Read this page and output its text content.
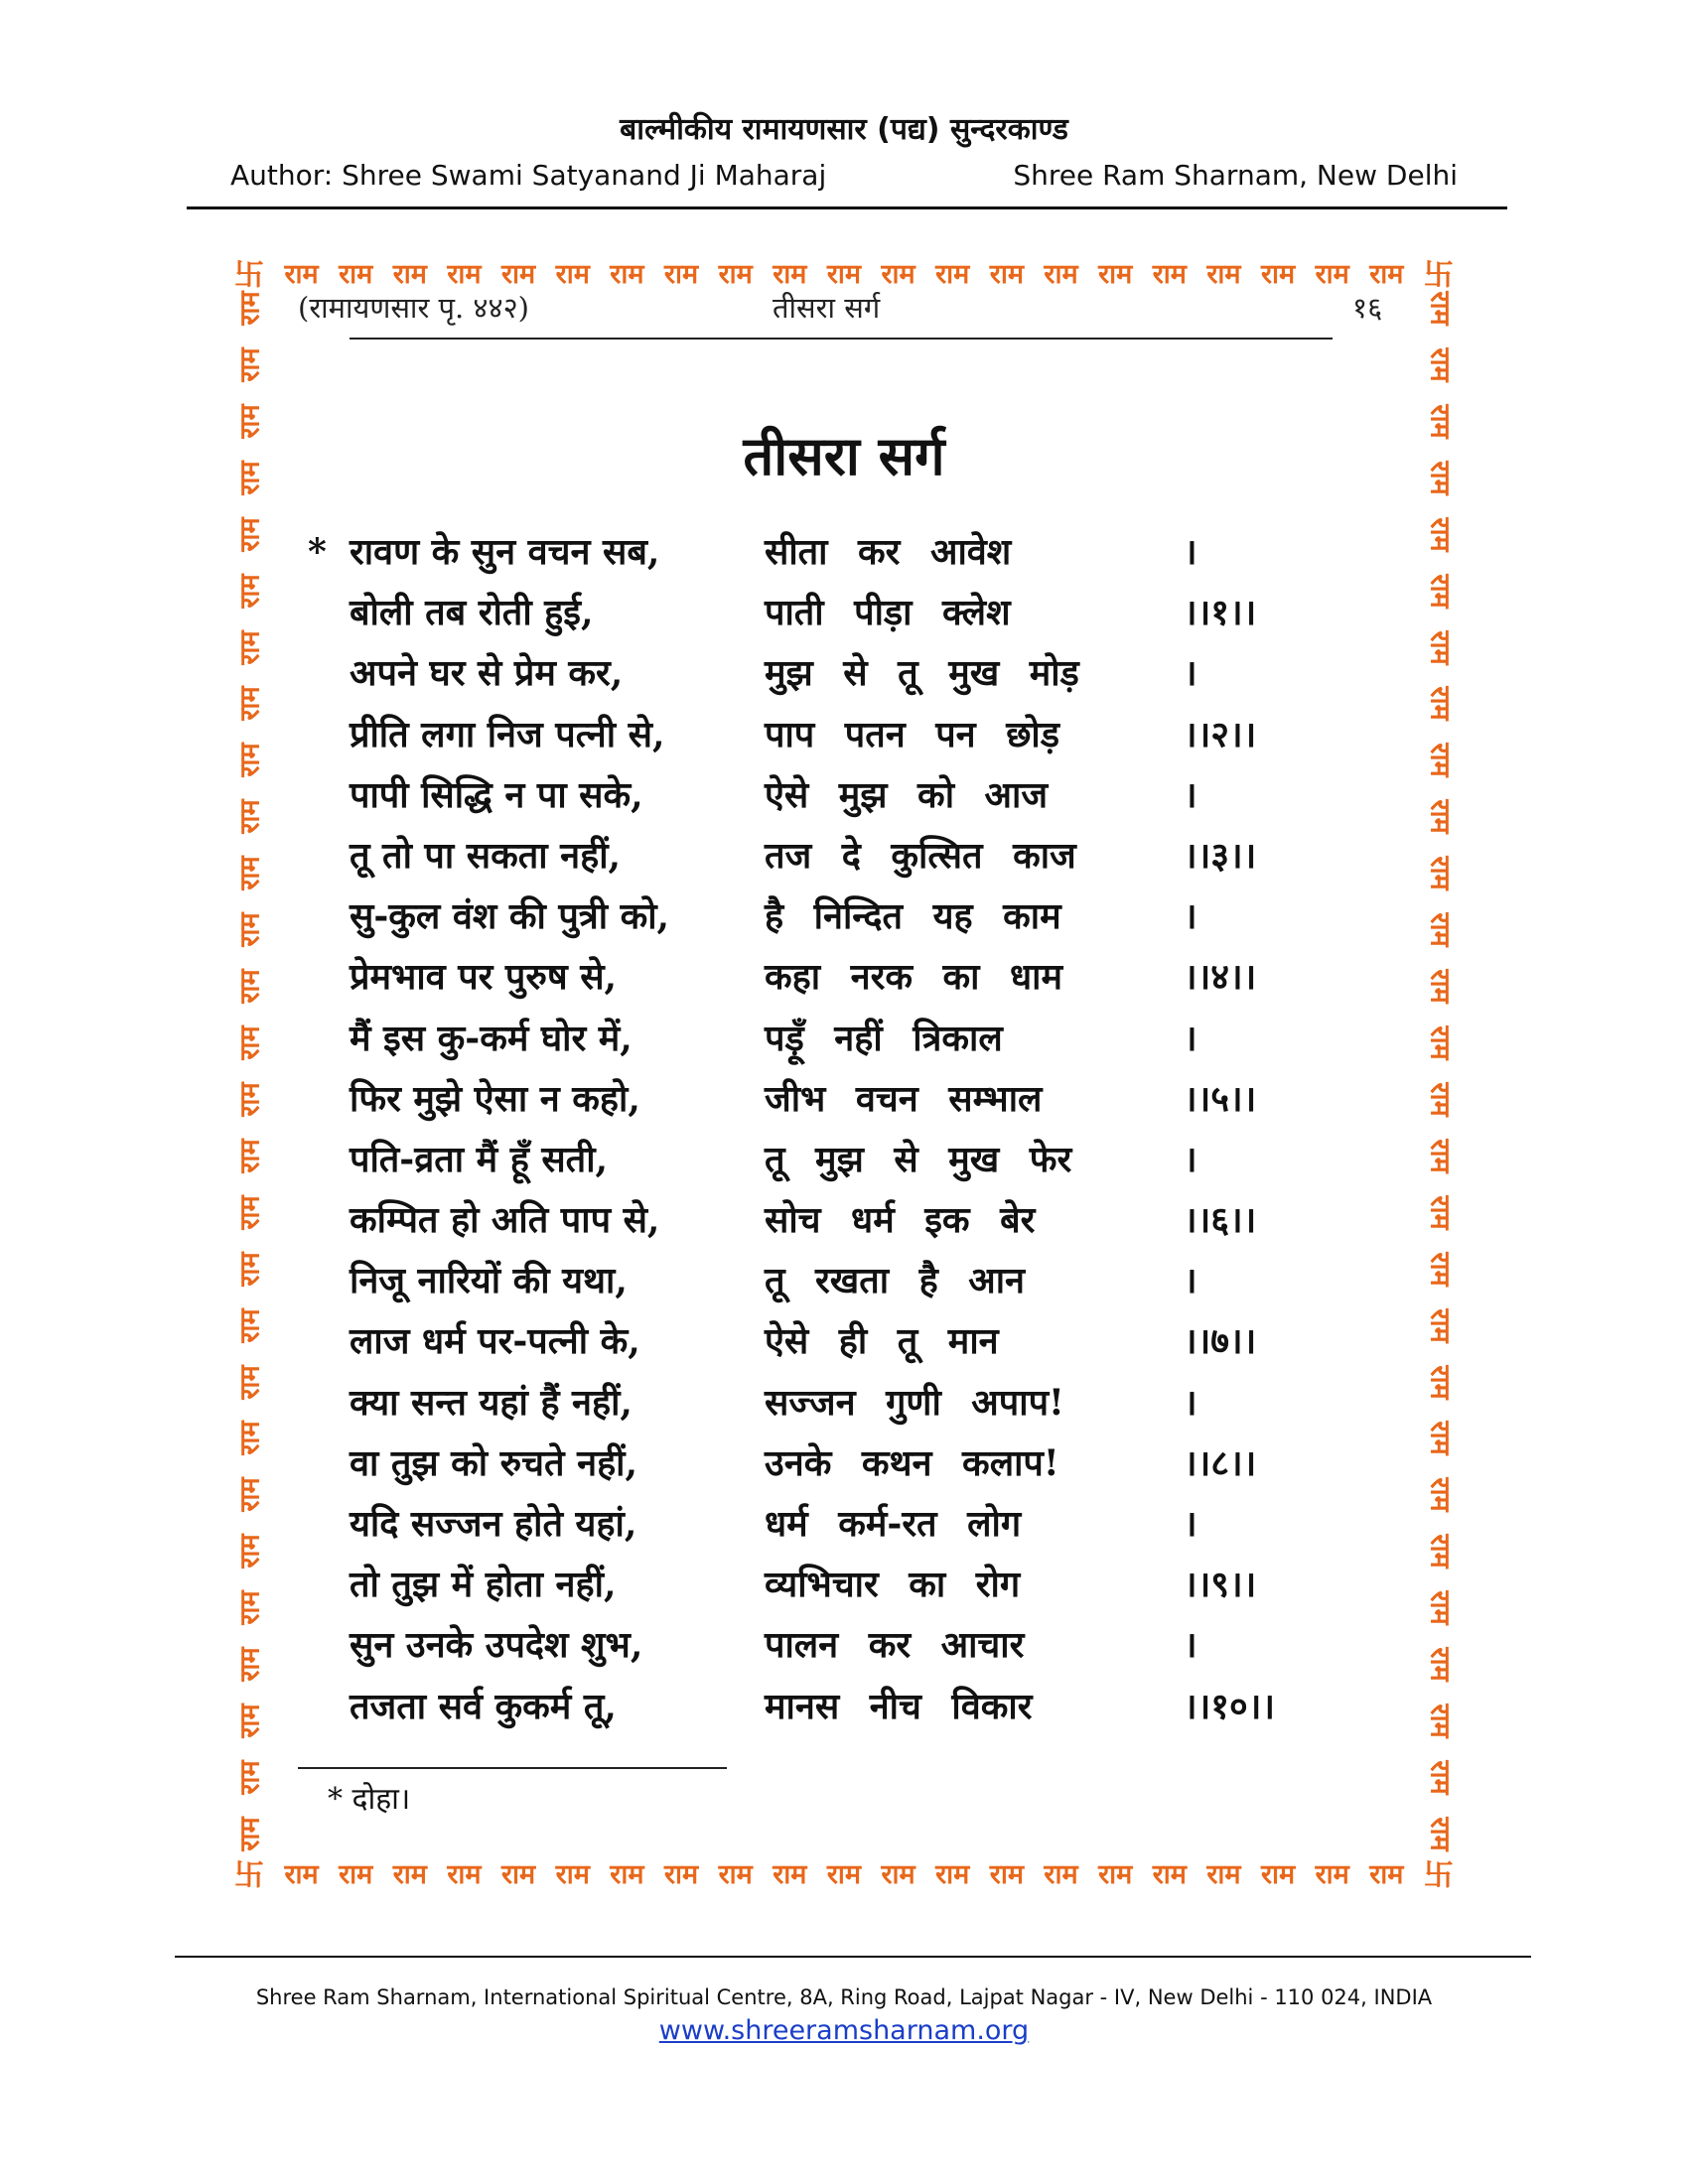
बाल्मीकीय रामायणसार (पद्य) सुन्दरकाण्ड
Author: Shree Swami Satyanand Ji Maharaj	Shree Ram Sharnam, New Delhi
卐 राम राम राम राम राम राम राम राम राम राम राम राम राम राम राम राम राम राम राम राम राम 卐
卐 राम राम राम राम राम राम राम राम राम राम राम राम राम राम राम राम राम राम राम राम राम 卐
राम
राम
राम
राम
राम
राम
राम
राम
राम
राम
राम
राम
राम
राम
राम
राम
राम
राम
राम
राम
राम
राम
राम
राम
राम
राम
राम
राम
राम
राम
राम
राम
राम
राम
राम
राम
राम
राम
राम
राम
राम
राम
राम
राम
राम
राम
राम
राम
राम
राम
राम
राम
राम
राम
राम
राम
(रामायणसार पृ. ४४२)	तीसरा सर्ग	१६
तीसरा सर्ग
* रावण के सुन वचन सब,	सीता कर आवेश	।
बोली तब रोती हुई,	पाती पीड़ा क्लेश	।।१।।
अपने घर से प्रेम कर,	मुझ से तू मुख मोड़	।
प्रीति लगा निज पत्नी से,	पाप पतन पन छोड़	।।२।।
पापी सिद्धि न पा सके,	ऐसे मुझ को आज	।
तू तो पा सकता नहीं,	तज दे कुत्सित काज	।।३।।
सु-कुल वंश की पुत्री को,	है निन्दित यह काम	।
प्रेमभाव पर पुरुष से,	कहा नरक का धाम	।।४।।
मैं इस कु-कर्म घोर में,	पड़ूँ नहीं त्रिकाल	।
फिर मुझे ऐसा न कहो,	जीभ वचन सम्भाल	।।५।।
पति-व्रता मैं हूँ सती,	तू मुझ से मुख फेर	।
कम्पित हो अति पाप से,	सोच धर्म इक बेर	।।६।।
निजू नारियों की यथा,	तू रखता है आन	।
लाज धर्म पर-पत्नी के,	ऐसे ही तू मान	।।७।।
क्या सन्त यहां हैं नहीं,	सज्जन गुणी अपाप!	।
वा तुझ को रुचते नहीं,	उनके कथन कलाप!	।।८।।
यदि सज्जन होते यहां,	धर्म कर्म-रत लोग	।
तो तुझ में होता नहीं,	व्यभिचार का रोग	।।९।।
सुन उनके उपदेश शुभ,	पालन कर आचार	।
तजता सर्व कुकर्म तू,	मानस नीच विकार	।।१०।।
* दोहा।
Shree Ram Sharnam, International Spiritual Centre, 8A, Ring Road, Lajpat Nagar - IV, New Delhi - 110 024, INDIA
www.shreeramsharnam.org
